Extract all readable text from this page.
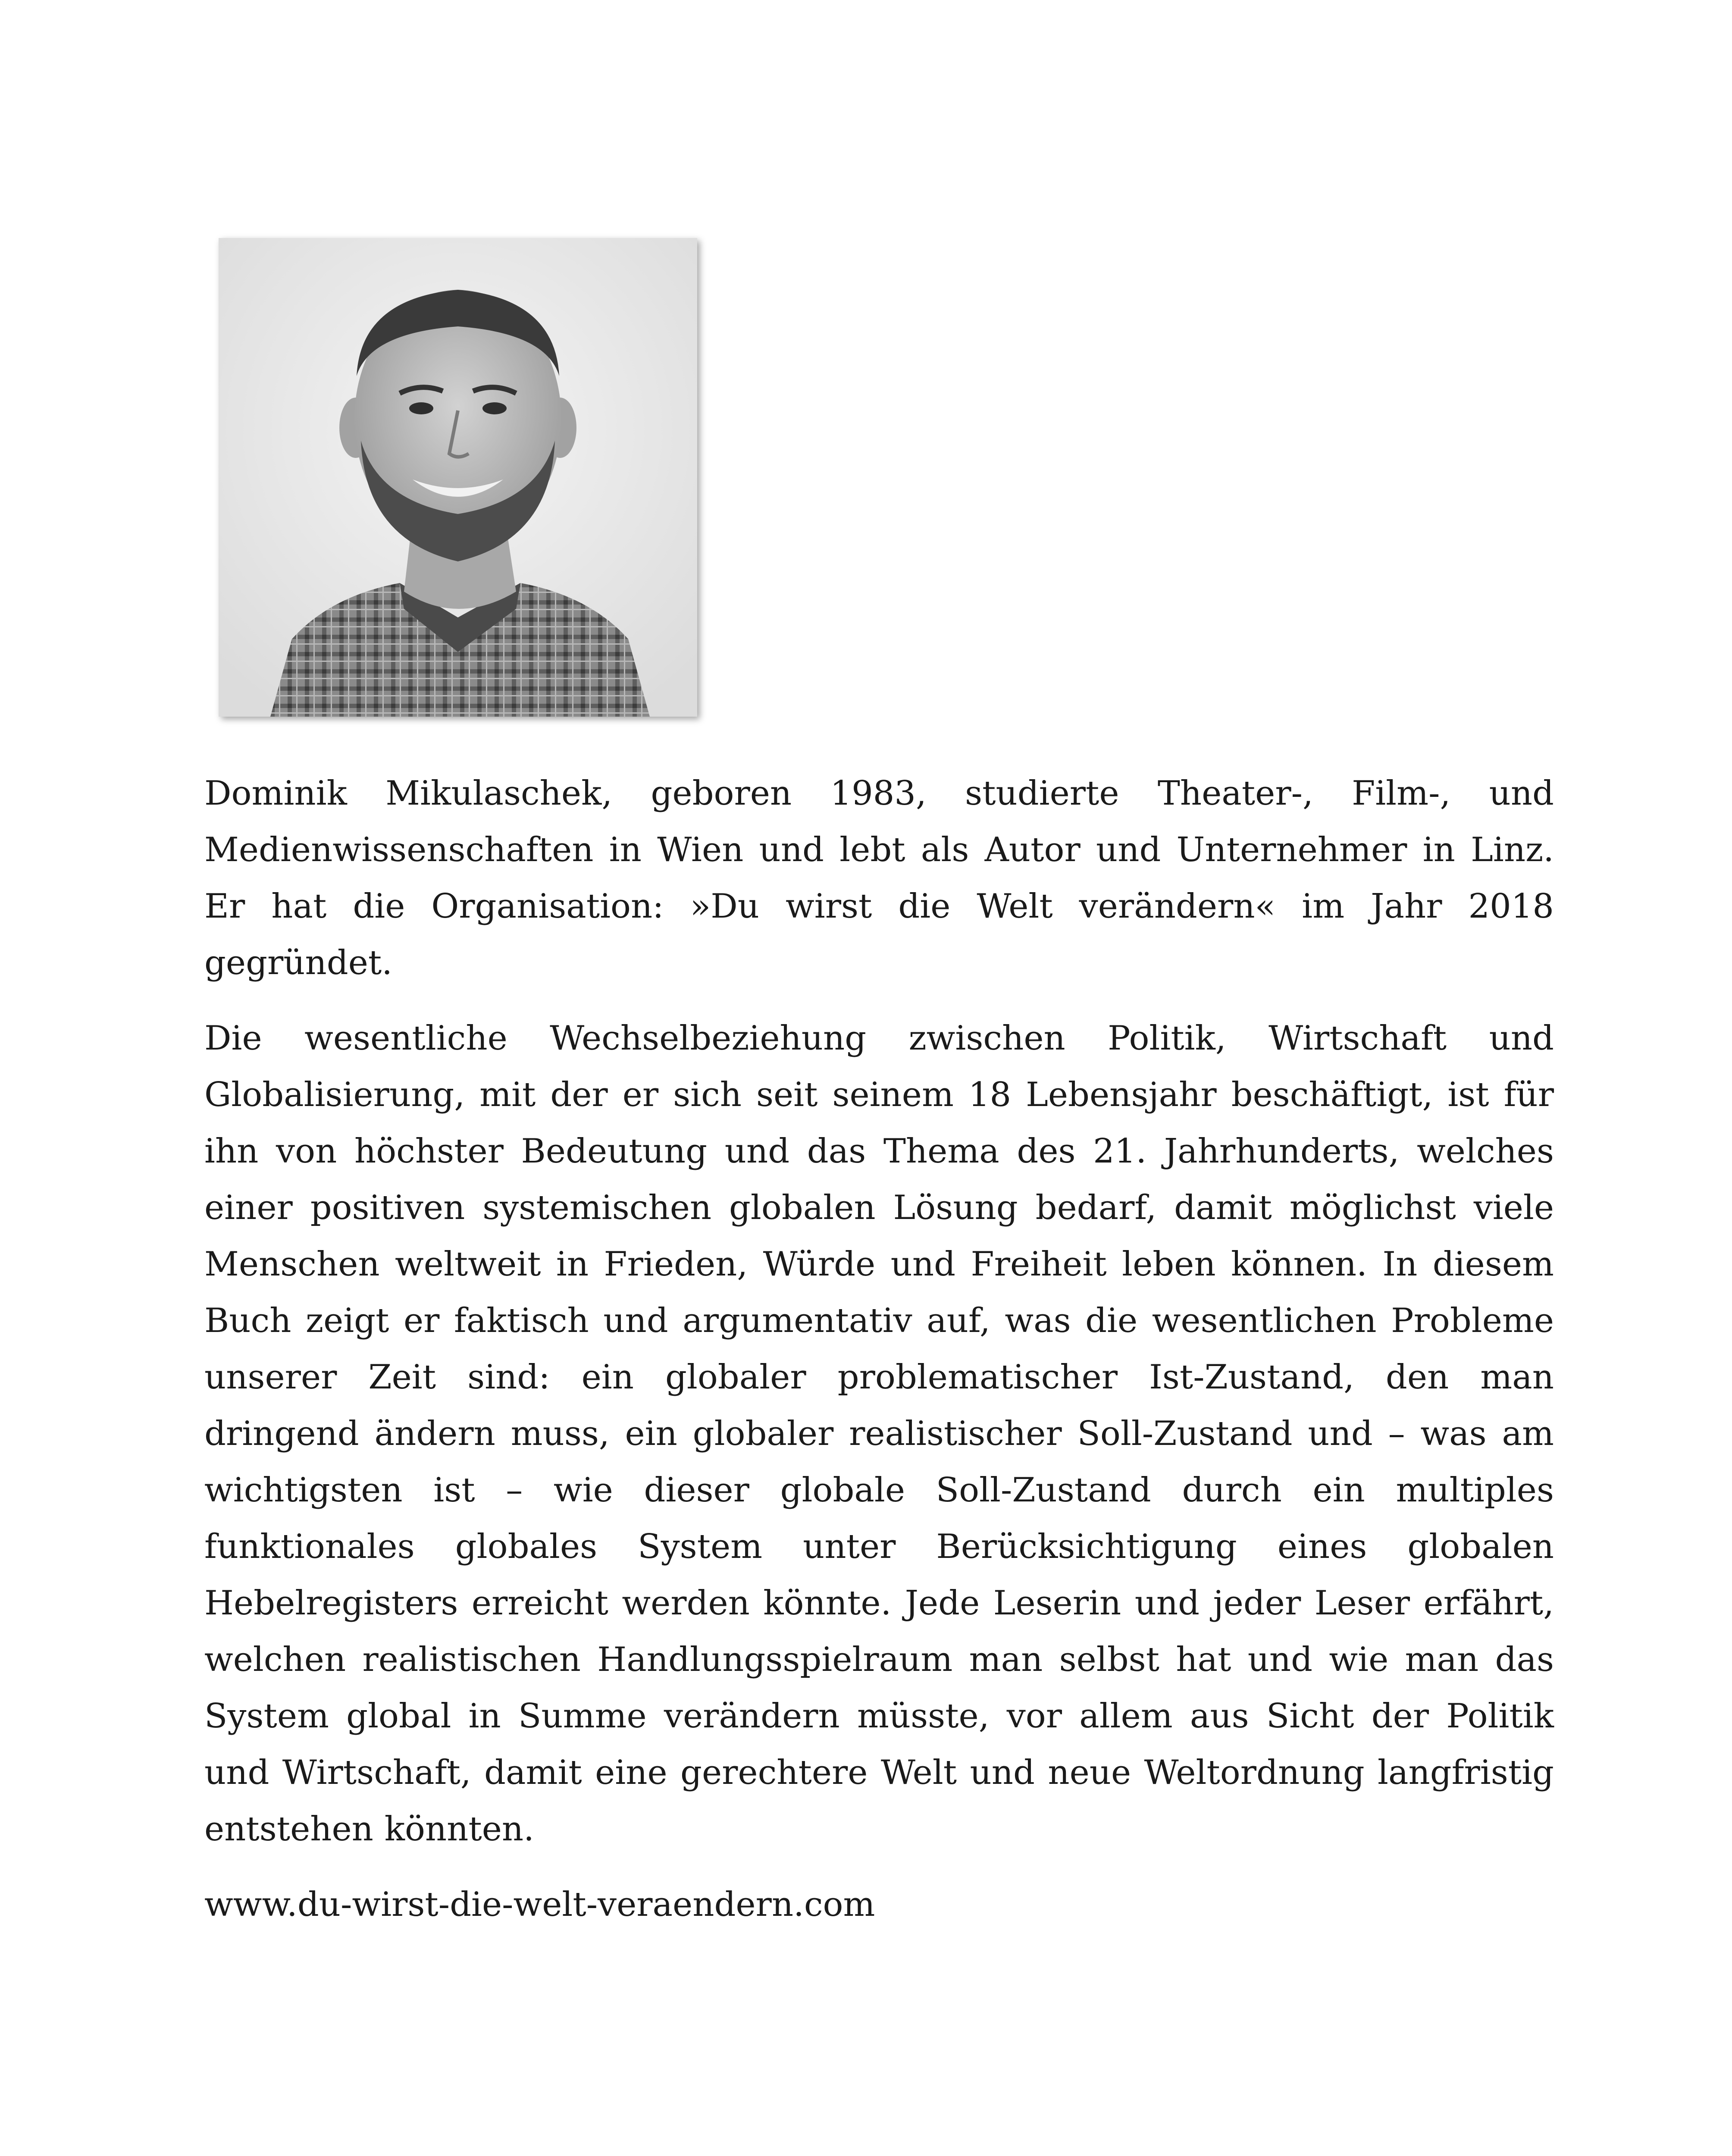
Dominik Mikulaschek, geboren 1983, studierte Theater-, Film-, und Medienwissenschaften in Wien und lebt als Autor und Unternehmer in Linz. Er hat die Organisation: »Du wirst die Welt verändern« im Jahr 2018 gegründet.

Die wesentliche Wechselbeziehung zwischen Politik, Wirtschaft und Globalisierung, mit der er sich seit seinem 18 Lebensjahr beschäftigt, ist für ihn von höchster Bedeutung und das Thema des 21. Jahrhunderts, welches einer positiven systemischen globalen Lösung bedarf, damit möglichst viele Menschen weltweit in Frieden, Würde und Freiheit leben können. In diesem Buch zeigt er faktisch und argumentativ auf, was die wesentlichen Probleme unserer Zeit sind: ein globaler problematischer Ist-Zustand, den man dringend ändern muss, ein globaler realistischer Soll-Zustand und – was am wichtigsten ist – wie dieser globale Soll-Zustand durch ein multiples funktionales globales System unter Berücksichtigung eines globalen Hebelregisters erreicht werden könnte. Jede Leserin und jeder Leser erfährt, welchen realistischen Handlungsspielraum man selbst hat und wie man das System global in Summe verändern müsste, vor allem aus Sicht der Politik und Wirtschaft, damit eine gerechtere Welt und neue Weltordnung langfristig entstehen könnten.

www.du-wirst-die-welt-veraendern.com
